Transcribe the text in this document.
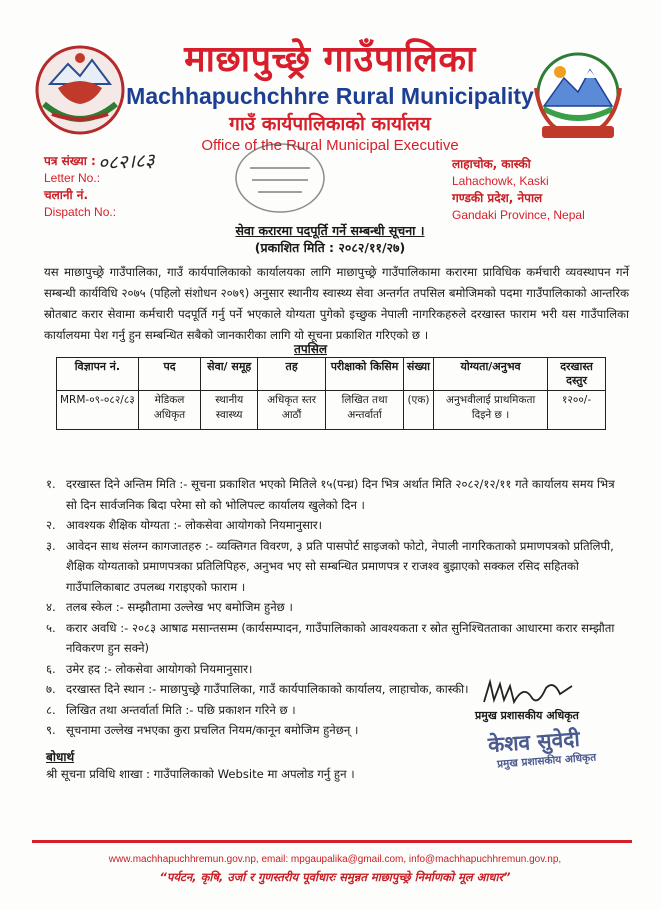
माछापुच्छ्रे गाउँपालिका
Machhapuchchhre Rural Municipality
गाउँ कार्यपालिकाको कार्यालय
Office of the Rural Municipal Executive
पत्र संख्या :
Letter No.:
चलानी नं.
Dispatch No.:
०८२।८३	लाहाचोक, कास्की
Lahachowk, Kaski
गण्डकी प्रदेश, नेपाल
Gandaki Province, Nepal
सेवा करारमा पदपूर्ति गर्ने सम्बन्धी सूचना ।
(प्रकाशित मिति : २०८२/११/२७)
यस माछापुच्छ्रे गाउँपालिका, गाउँ कार्यपालिकाको कार्यालयका लागि माछापुच्छ्रे गाउँपालिकामा करारमा प्राविधिक कर्मचारी व्यवस्थापन गर्ने सम्बन्धी कार्यविधि २०७५ (पहिलो संशोधन २०७९) अनुसार स्थानीय स्वास्थ्य सेवा अन्तर्गत तपसिल बमोजिमको पदमा गाउँपालिकाको आन्तरिक स्रोतबाट करार सेवामा कर्मचारी पदपूर्ति गर्नु पर्ने भएकाले योग्यता पुगेको इच्छुक नेपाली नागरिकहरुले दरखास्त फाराम भरी यस गाउँपालिका कार्यालयमा पेश गर्नु हुन सम्बन्धित सबैको जानकारीका लागि यो सूचना प्रकाशित गरिएको छ ।
तपसिल
विज्ञापन नं.	पद	सेवा/ समूह	तह	परीक्षाको किसिम	संख्या	योग्यता/अनुभव	दरखास्त दस्तुर
MRM-०९-०८२/८३	मेडिकल अधिकृत	स्थानीय स्वास्थ्य	अधिकृत स्तर आठौं	लिखित तथा अन्तर्वार्ता	(एक)	अनुभवीलाई प्राथमिकता दिइने छ ।	१२००/-
१. दरखास्त दिने अन्तिम मिति :- सूचना प्रकाशित भएको मितिले १५(पन्ध्र) दिन भित्र अर्थात मिति २०८२/१२/११ गते कार्यालय समय भित्र सो दिन सार्वजनिक बिदा परेमा सो को भोलिपल्ट कार्यालय खुलेको दिन ।
२. आवश्यक शैक्षिक योग्यता :- लोकसेवा आयोगको नियमानुसार।
३. आवेदन साथ संलग्न कागजातहरु :- व्यक्तिगत विवरण, ३ प्रति पासपोर्ट साइजको फोटो, नेपाली नागरिकताको प्रमाणपत्रको प्रतिलिपी, शैक्षिक योग्यताको प्रमाणपत्रका प्रतिलिपिहरु, अनुभव भए सो सम्बन्धित प्रमाणपत्र र राजश्व बुझाएको सक्कल रसिद सहितको गाउँपालिकाबाट उपलब्ध गराइएको फाराम ।
४. तलब स्केल :- सम्झौतामा उल्लेख भए बमोजिम हुनेछ ।
५. करार अवधि :- २०८३ आषाढ मसान्तसम्म (कार्यसम्पादन, गाउँपालिकाको आवश्यकता र स्रोत सुनिश्चितताका आधारमा करार सम्झौता नविकरण हुन सक्ने)
६. उमेर हद :- लोकसेवा आयोगको नियमानुसार।
७. दरखास्त दिने स्थान :- माछापुच्छ्रे गाउँपालिका, गाउँ कार्यपालिकाको कार्यालय, लाहाचोक, कास्की।
८. लिखित तथा अन्तर्वार्ता मिति :- पछि प्रकाशन गरिने छ ।
९. सूचनामा उल्लेख नभएका कुरा प्रचलित नियम/कानून बमोजिम हुनेछन् ।
प्रमुख प्रशासकीय अधिकृत
केशव सुवेदी
प्रमुख प्रशासकीय अधिकृत
बोधार्थ
श्री सूचना प्रविधि शाखा : गाउँपालिकाको Website मा अपलोड गर्नु हुन ।
www.machhapuchhremun.gov.np, email: mpgaupalika@gmail.com, info@machhapuchhremun.gov.np,
“पर्यटन, कृषि, उर्जा र गुणस्तरीय पूर्वाधारः समुन्नत माछापुच्छ्रे निर्माणको मूल आधार”
